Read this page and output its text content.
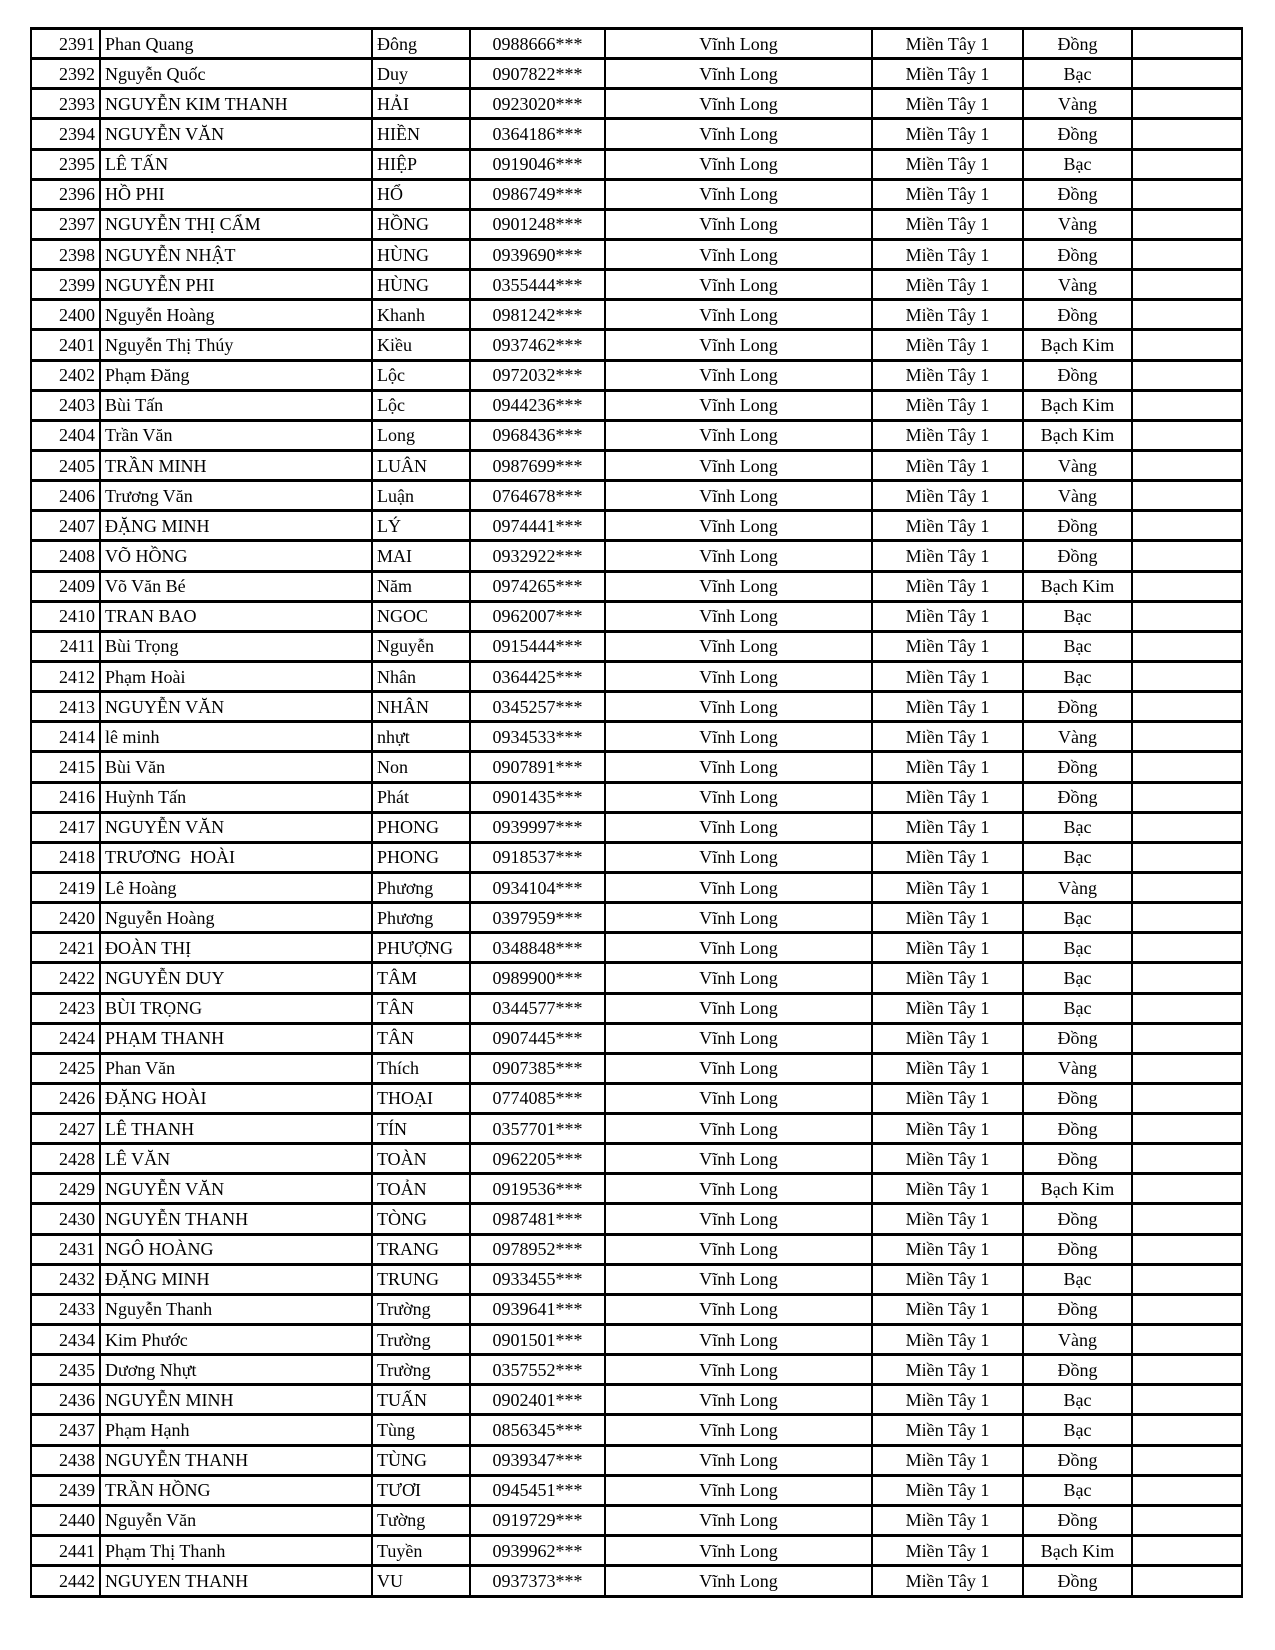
2391	Phan Quang	Đông	0988666***	Vĩnh Long	Miền Tây 1	Đồng	
2392	Nguyễn Quốc	Duy	0907822***	Vĩnh Long	Miền Tây 1	Bạc	
2393	NGUYỄN KIM THANH	HẢI	0923020***	Vĩnh Long	Miền Tây 1	Vàng	
2394	NGUYỄN VĂN	HIỀN	0364186***	Vĩnh Long	Miền Tây 1	Đồng	
2395	LÊ TẤN	HIỆP	0919046***	Vĩnh Long	Miền Tây 1	Bạc	
2396	HỒ PHI	HỔ	0986749***	Vĩnh Long	Miền Tây 1	Đồng	
2397	NGUYỄN THỊ CẨM	HỒNG	0901248***	Vĩnh Long	Miền Tây 1	Vàng	
2398	NGUYỄN NHẬT	HÙNG	0939690***	Vĩnh Long	Miền Tây 1	Đồng	
2399	NGUYỄN PHI	HÙNG	0355444***	Vĩnh Long	Miền Tây 1	Vàng	
2400	Nguyễn Hoàng	Khanh	0981242***	Vĩnh Long	Miền Tây 1	Đồng	
2401	Nguyễn Thị Thúy	Kiều	0937462***	Vĩnh Long	Miền Tây 1	Bạch Kim	
2402	Phạm Đăng	Lộc	0972032***	Vĩnh Long	Miền Tây 1	Đồng	
2403	Bùi Tấn	Lộc	0944236***	Vĩnh Long	Miền Tây 1	Bạch Kim	
2404	Trần Văn	Long	0968436***	Vĩnh Long	Miền Tây 1	Bạch Kim	
2405	TRẦN MINH	LUÂN	0987699***	Vĩnh Long	Miền Tây 1	Vàng	
2406	Trương Văn	Luận	0764678***	Vĩnh Long	Miền Tây 1	Vàng	
2407	ĐẶNG MINH	LÝ	0974441***	Vĩnh Long	Miền Tây 1	Đồng	
2408	VÕ HỒNG	MAI	0932922***	Vĩnh Long	Miền Tây 1	Đồng	
2409	Võ Văn Bé	Năm	0974265***	Vĩnh Long	Miền Tây 1	Bạch Kim	
2410	TRAN BAO	NGOC	0962007***	Vĩnh Long	Miền Tây 1	Bạc	
2411	Bùi Trọng	Nguyễn	0915444***	Vĩnh Long	Miền Tây 1	Bạc	
2412	Phạm Hoài	Nhân	0364425***	Vĩnh Long	Miền Tây 1	Bạc	
2413	NGUYỄN VĂN	NHÂN	0345257***	Vĩnh Long	Miền Tây 1	Đồng	
2414	lê minh	nhựt	0934533***	Vĩnh Long	Miền Tây 1	Vàng	
2415	Bùi Văn	Non	0907891***	Vĩnh Long	Miền Tây 1	Đồng	
2416	Huỳnh Tấn	Phát	0901435***	Vĩnh Long	Miền Tây 1	Đồng	
2417	NGUYỄN VĂN	PHONG	0939997***	Vĩnh Long	Miền Tây 1	Bạc	
2418	TRƯƠNG  HOÀI	PHONG	0918537***	Vĩnh Long	Miền Tây 1	Bạc	
2419	Lê Hoàng	Phương	0934104***	Vĩnh Long	Miền Tây 1	Vàng	
2420	Nguyễn Hoàng	Phương	0397959***	Vĩnh Long	Miền Tây 1	Bạc	
2421	ĐOÀN THỊ	PHƯỢNG	0348848***	Vĩnh Long	Miền Tây 1	Bạc	
2422	NGUYỄN DUY	TÂM	0989900***	Vĩnh Long	Miền Tây 1	Bạc	
2423	BÙI TRỌNG	TÂN	0344577***	Vĩnh Long	Miền Tây 1	Bạc	
2424	PHẠM THANH	TÂN	0907445***	Vĩnh Long	Miền Tây 1	Đồng	
2425	Phan Văn	Thích	0907385***	Vĩnh Long	Miền Tây 1	Vàng	
2426	ĐẶNG HOÀI	THOẠI	0774085***	Vĩnh Long	Miền Tây 1	Đồng	
2427	LÊ THANH	TÍN	0357701***	Vĩnh Long	Miền Tây 1	Đồng	
2428	LÊ VĂN	TOÀN	0962205***	Vĩnh Long	Miền Tây 1	Đồng	
2429	NGUYỄN VĂN	TOẢN	0919536***	Vĩnh Long	Miền Tây 1	Bạch Kim	
2430	NGUYỄN THANH	TÒNG	0987481***	Vĩnh Long	Miền Tây 1	Đồng	
2431	NGÔ HOÀNG	TRANG	0978952***	Vĩnh Long	Miền Tây 1	Đồng	
2432	ĐẶNG MINH	TRUNG	0933455***	Vĩnh Long	Miền Tây 1	Bạc	
2433	Nguyễn Thanh	Trường	0939641***	Vĩnh Long	Miền Tây 1	Đồng	
2434	Kim Phước	Trường	0901501***	Vĩnh Long	Miền Tây 1	Vàng	
2435	Dương Nhựt	Trường	0357552***	Vĩnh Long	Miền Tây 1	Đồng	
2436	NGUYỄN MINH	TUẤN	0902401***	Vĩnh Long	Miền Tây 1	Bạc	
2437	Phạm Hạnh	Tùng	0856345***	Vĩnh Long	Miền Tây 1	Bạc	
2438	NGUYỄN THANH	TÙNG	0939347***	Vĩnh Long	Miền Tây 1	Đồng	
2439	TRẦN HỒNG	TƯƠI	0945451***	Vĩnh Long	Miền Tây 1	Bạc	
2440	Nguyễn Văn	Tường	0919729***	Vĩnh Long	Miền Tây 1	Đồng	
2441	Phạm Thị Thanh	Tuyền	0939962***	Vĩnh Long	Miền Tây 1	Bạch Kim	
2442	NGUYEN THANH	VU	0937373***	Vĩnh Long	Miền Tây 1	Đồng	
